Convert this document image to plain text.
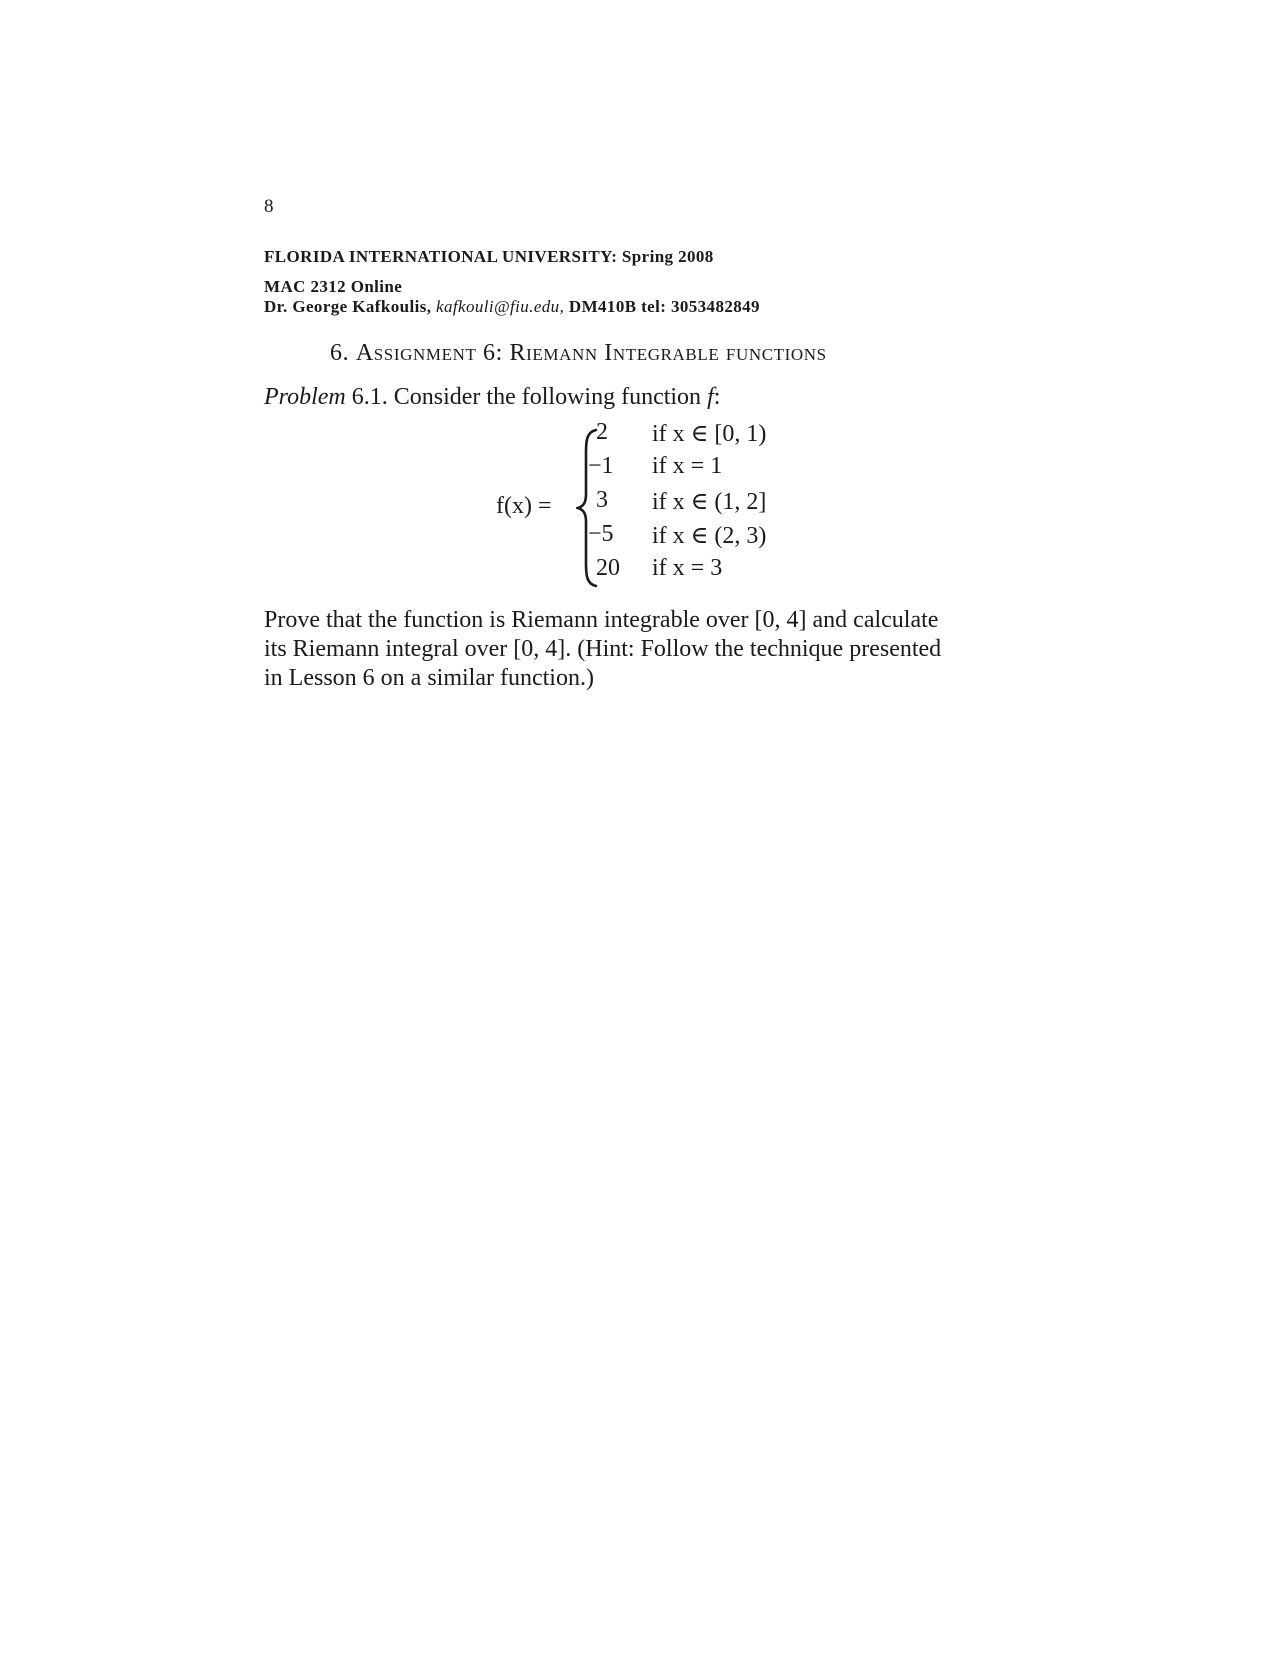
8
FLORIDA INTERNATIONAL UNIVERSITY: Spring 2008
MAC 2312 Online
Dr. George Kafkoulis, kafkouli@fiu.edu, DM410B tel: 3053482849
6. Assignment 6: Riemann Integrable functions
Problem 6.1. Consider the following function f:
f(x) =
2	if x ∈ [0, 1)
−1	if x = 1
3	if x ∈ (1, 2]
−5	if x ∈ (2, 3)
20	if x = 3

Prove that the function is Riemann integrable over [0, 4] and calculate

its Riemann integral over [0, 4]. (Hint: Follow the technique presented

in Lesson 6 on a similar function.)
